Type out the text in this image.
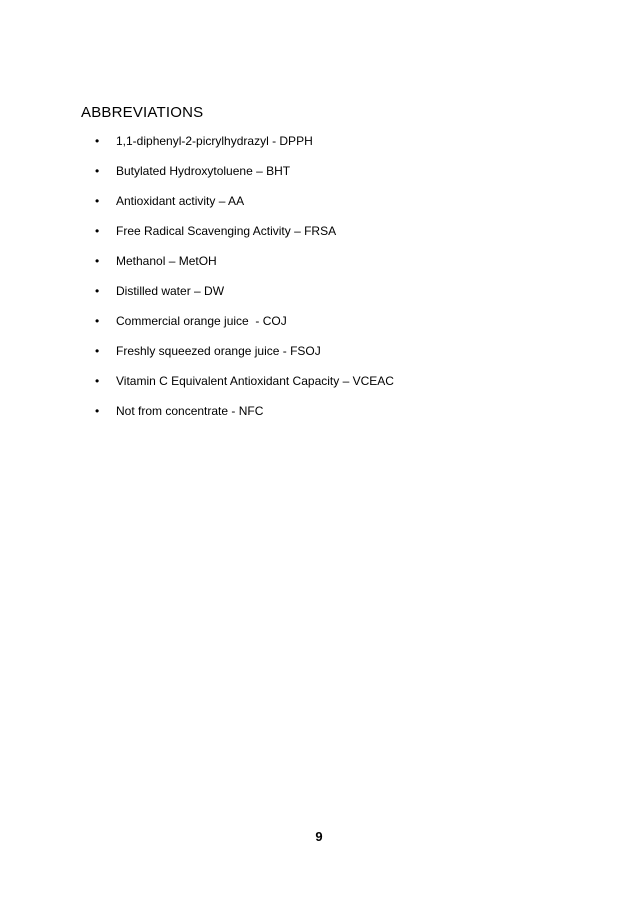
ABBREVIATIONS
• 1,1-diphenyl-2-picrylhydrazyl - DPPH
• Butylated Hydroxytoluene – BHT
• Antioxidant activity – AA
• Free Radical Scavenging Activity – FRSA
• Methanol – MetOH
• Distilled water – DW
• Commercial orange juice  - COJ
• Freshly squeezed orange juice - FSOJ
• Vitamin C Equivalent Antioxidant Capacity – VCEAC
• Not from concentrate - NFC
9
